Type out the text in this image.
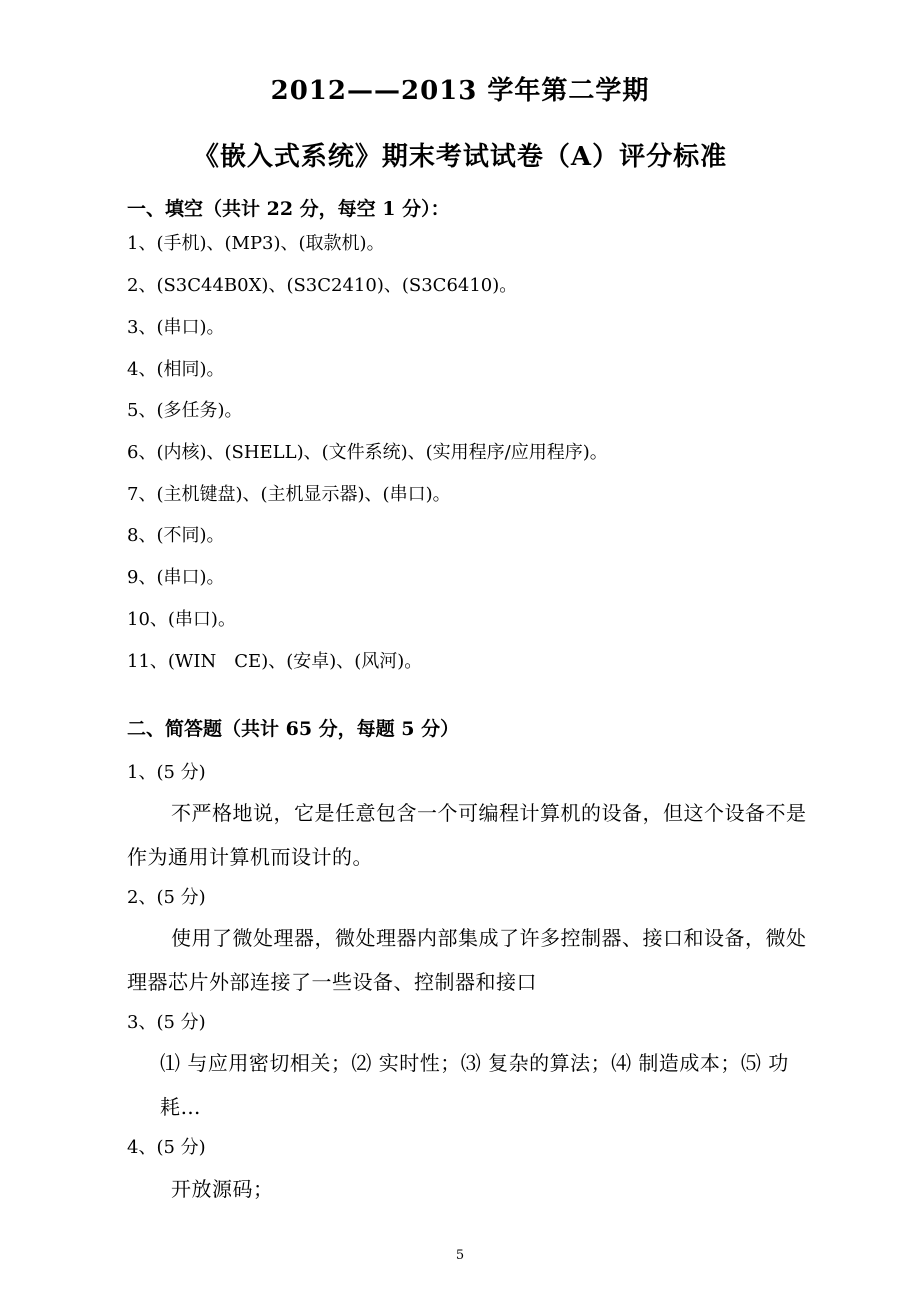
2012——2013 学年第二学期
《嵌入式系统》期末考试试卷（A）评分标准
一、填空（共计 22 分，每空 1 分）：
1、(手机)、(MP3)、(取款机)。
2、(S3C44B0X)、(S3C2410)、(S3C6410)。
3、(串口)。
4、(相同)。
5、(多任务)。
6、(内核)、(SHELL)、(文件系统)、(实用程序/应用程序)。
7、(主机键盘)、(主机显示器)、(串口)。
8、(不同)。
9、(串口)。
10、(串口)。
11、(WIN　CE)、(安卓)、(风河)。
二、简答题（共计 65 分，每题 5 分）
1、(5 分)
不严格地说，它是任意包含一个可编程计算机的设备，但这个设备不是
作为通用计算机而设计的。
2、(5 分)
使用了微处理器，微处理器内部集成了许多控制器、接口和设备，微处
理器芯片外部连接了一些设备、控制器和接口
3、(5 分)
⑴ 与应用密切相关；⑵ 实时性；⑶ 复杂的算法；⑷ 制造成本；⑸ 功
耗…
4、(5 分)
开放源码；
5
